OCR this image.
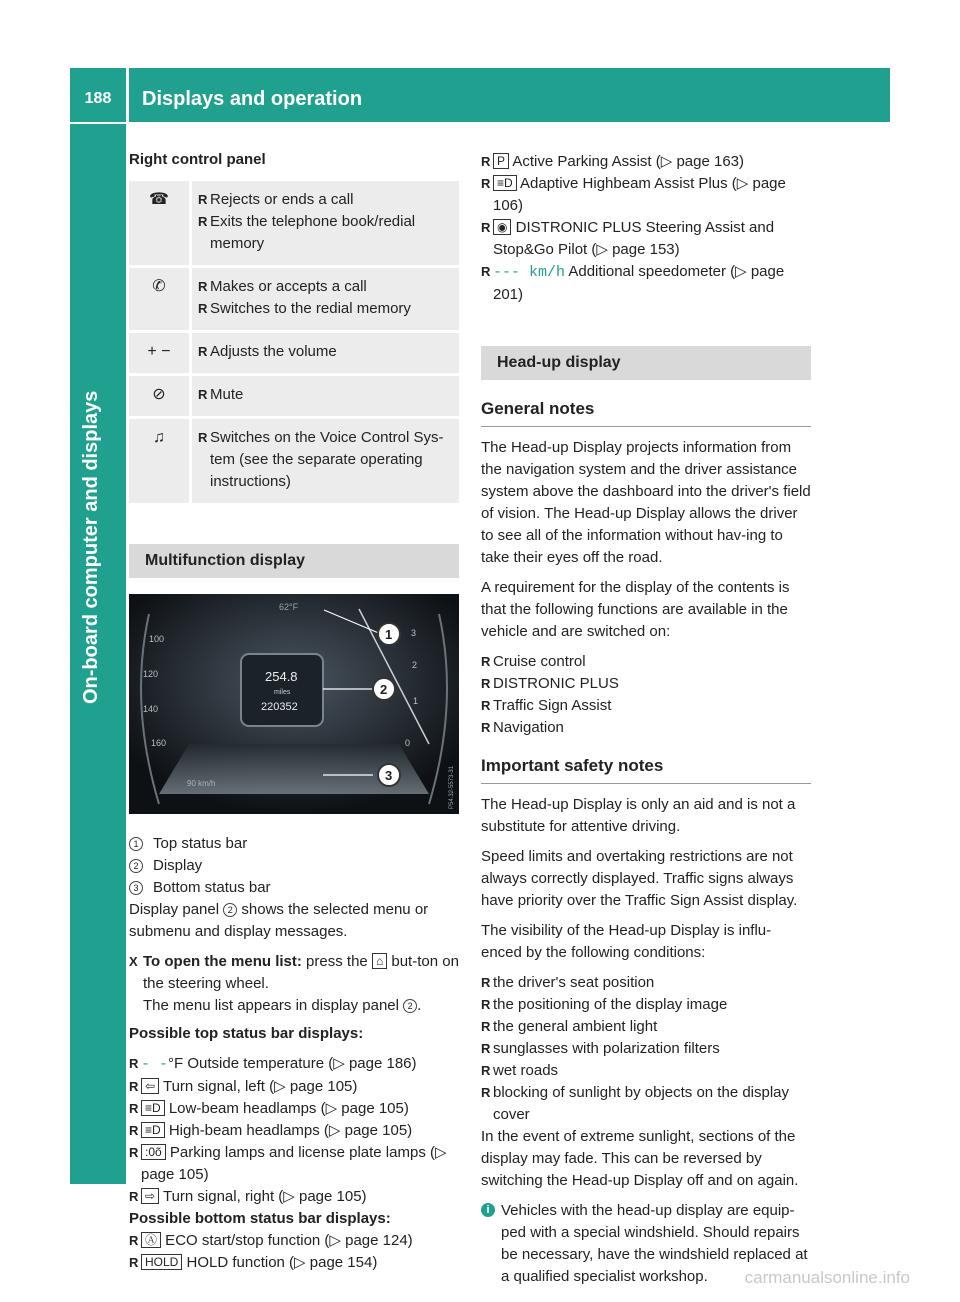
188	Displays and operation
On-board computer and displays
Right control panel
☎︎	R Rejects or ends a call
R Exits the telephone book/redial memory

✆	R Makes or accepts a call
R Switches to the redial memory

+ −	R Adjusts the volume

⊘	R Mute

♫	R Switches on the Voice Control Sys-tem (see the separate operating instructions)
Multifunction display
62°F
254.8
miles
220352
90 km/h
100
120
140
160
3
2
1
0
P54.32-5573-31
1
2
3
1 Top status bar
2 Display
3 Bottom status bar

Display panel 2 shows the selected menu or submenu and display messages.

X To open the menu list: press the ⌂ but-ton on the steering wheel.
The menu list appears in display panel 2 .
Possible top status bar displays:
R - -°F Outside temperature (▷ page 186)
R ⇦ Turn signal, left (▷ page 105)
R ≡D Low-beam headlamps (▷ page 105)
R ≡D High-beam headlamps (▷ page 105)
R :0õ Parking lamps and license plate lamps (▷ page 105)
R ⇨ Turn signal, right (▷ page 105)
Possible bottom status bar displays:
R Ⓐ ECO start/stop function (▷ page 124)
R HOLD HOLD function (▷ page 154)
R P Active Parking Assist (▷ page 163)
R ≡D Adaptive Highbeam Assist Plus (▷ page 106)
R ◉ DISTRONIC PLUS Steering Assist and Stop&Go Pilot (▷ page 153)
R --- km/h Additional speedometer (▷ page 201)
Head-up display
General notes

The Head-up Display projects information from the navigation system and the driver assistance system above the dashboard into the driver's field of vision. The Head-up Display allows the driver to see all of the information without hav-ing to take their eyes off the road.

A requirement for the display of the contents is that the following functions are available in the vehicle and are switched on:

R Cruise control
R DISTRONIC PLUS
R Traffic Sign Assist
R Navigation
Important safety notes

The Head-up Display is only an aid and is not a substitute for attentive driving.

Speed limits and overtaking restrictions are not always correctly displayed. Traffic signs always have priority over the Traffic Sign Assist display.

The visibility of the Head-up Display is influ-enced by the following conditions:

R the driver's seat position
R the positioning of the display image
R the general ambient light
R sunglasses with polarization filters
R wet roads
R blocking of sunlight by objects on the display cover

In the event of extreme sunlight, sections of the display may fade. This can be reversed by switching the Head-up Display off and on again.

i Vehicles with the head-up display are equip-ped with a special windshield. Should repairs be necessary, have the windshield replaced at a qualified specialist workshop.	carmanualsonline.info
